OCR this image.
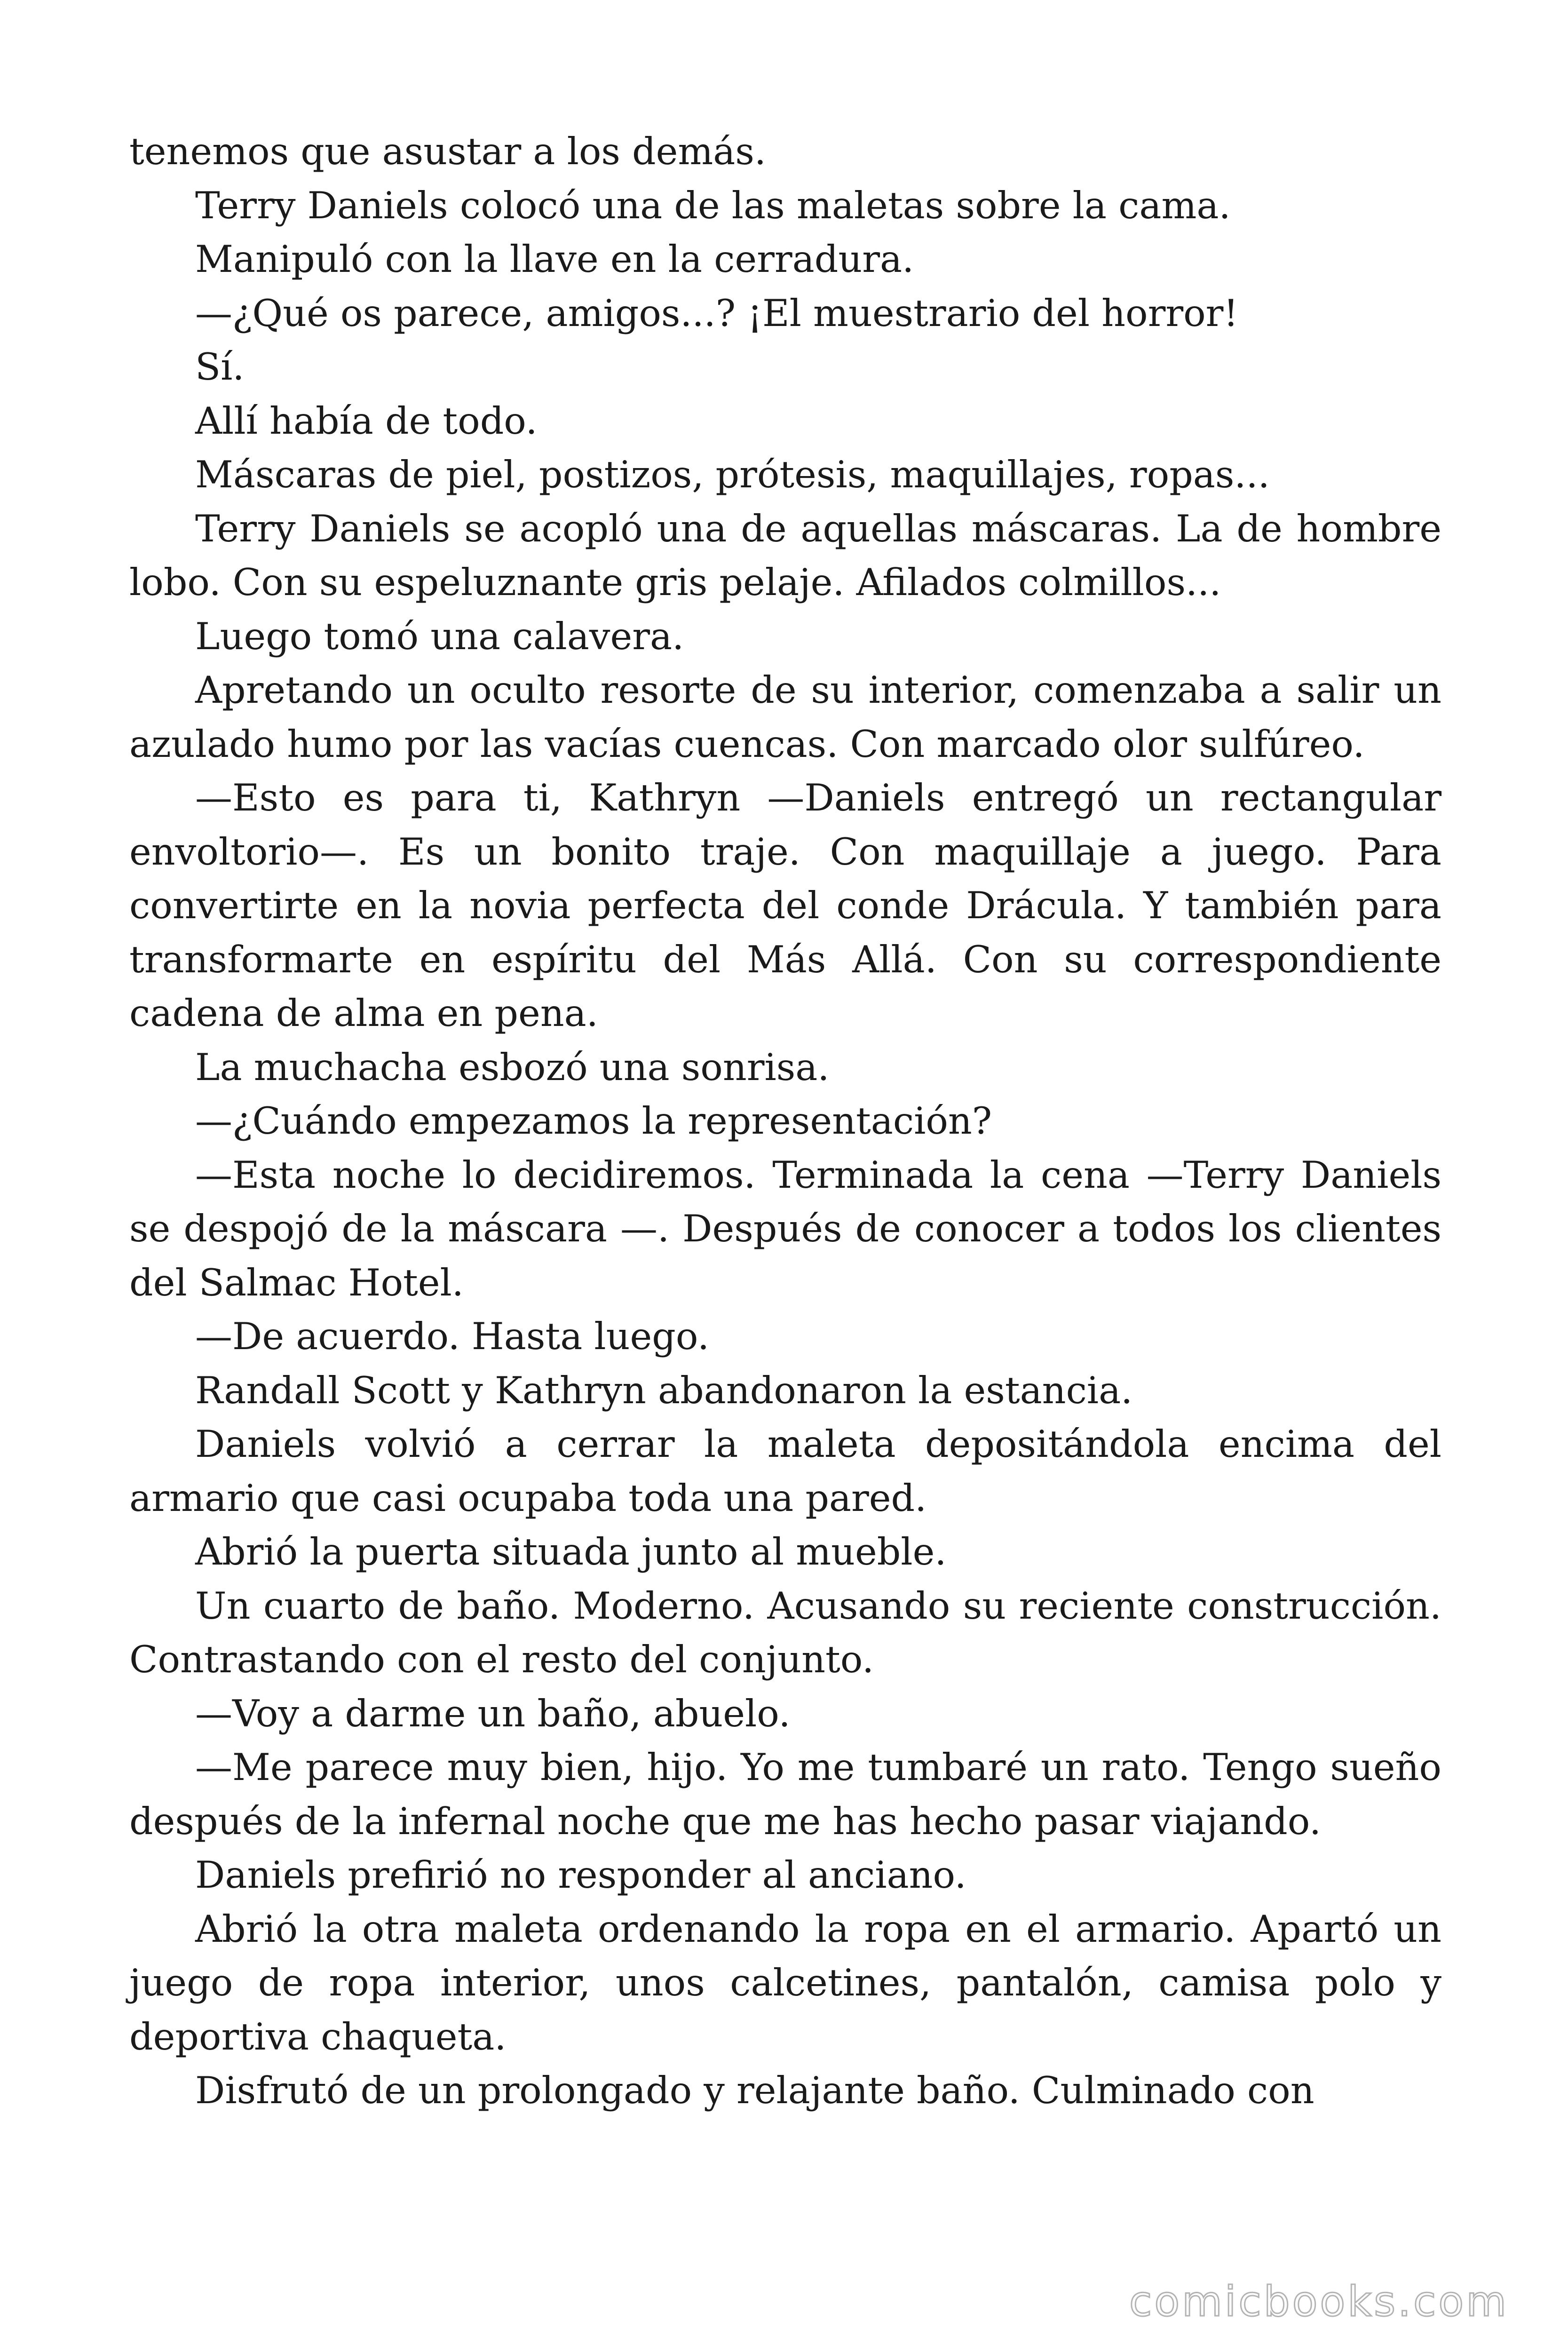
tenemos que asustar a los demás.

Terry Daniels colocó una de las maletas sobre la cama.

Manipuló con la llave en la cerradura.

—¿Qué os parece, amigos...? ¡El muestrario del horror!

Sí.

Allí había de todo.

Máscaras de piel, postizos, prótesis, maquillajes, ropas...

Terry Daniels se acopló una de aquellas máscaras. La de hombre lobo. Con su espeluznante gris pelaje. Afilados colmillos...

Luego tomó una calavera.

Apretando un oculto resorte de su interior, comenzaba a salir un azulado humo por las vacías cuencas. Con marcado olor sulfúreo.

—Esto es para ti, Kathryn —Daniels entregó un rectangular envoltorio—. Es un bonito traje. Con maquillaje a juego. Para convertirte en la novia perfecta del conde Drácula. Y también para transformarte en espíritu del Más Allá. Con su correspondiente cadena de alma en pena.

La muchacha esbozó una sonrisa.

—¿Cuándo empezamos la representación?

—Esta noche lo decidiremos. Terminada la cena —Terry Daniels se despojó de la máscara —. Después de conocer a todos los clientes del Salmac Hotel.

—De acuerdo. Hasta luego.

Randall Scott y Kathryn abandonaron la estancia.

Daniels volvió a cerrar la maleta depositándola encima del armario que casi ocupaba toda una pared.

Abrió la puerta situada junto al mueble.

Un cuarto de baño. Moderno. Acusando su reciente construcción. Contrastando con el resto del conjunto.

—Voy a darme un baño, abuelo.

—Me parece muy bien, hijo. Yo me tumbaré un rato. Tengo sueño después de la infernal noche que me has hecho pasar viajando.

Daniels prefirió no responder al anciano.

Abrió la otra maleta ordenando la ropa en el armario. Apartó un juego de ropa interior, unos calcetines, pantalón, camisa polo y deportiva chaqueta.

Disfrutó de un prolongado y relajante baño. Culminado con

comicbooks.com
